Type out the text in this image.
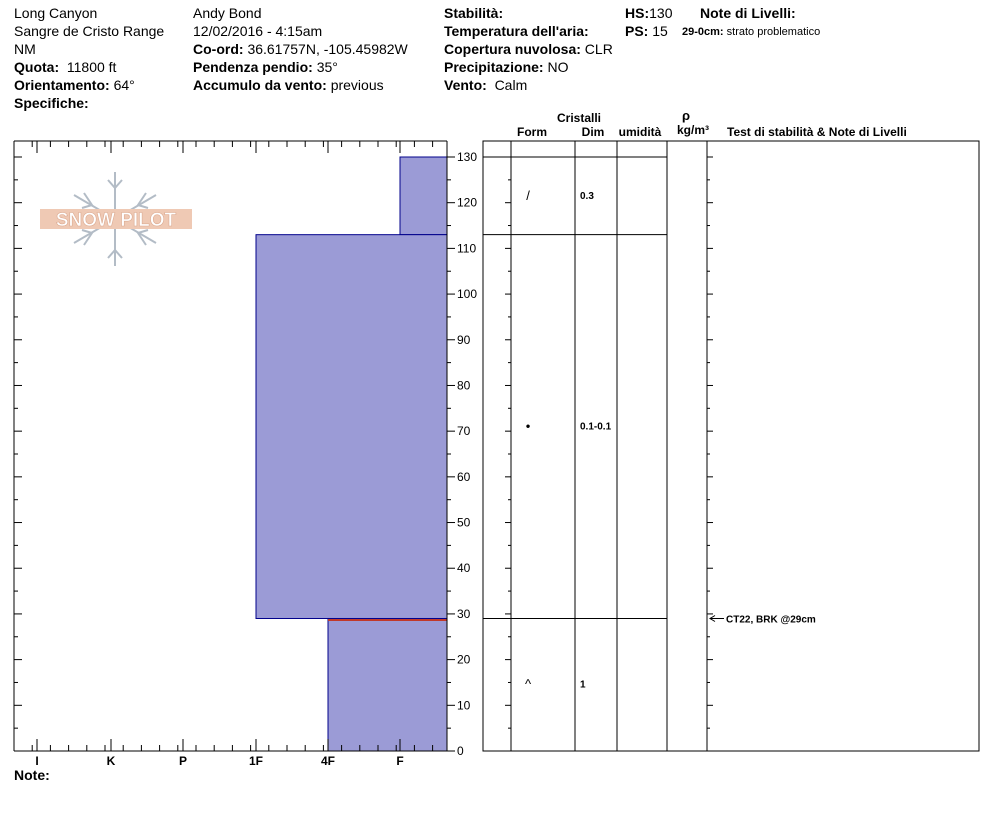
Long Canyon
Sangre de Cristo Range
NM
Quota: 11800 ft
Orientamento: 64°
Specifiche:
Andy Bond
12/02/2016 - 4:15am
Co-ord: 36.61757N, -105.45982W
Pendenza pendio: 35°
Accumulo da vento: previous
Stabilità:
Temperatura dell'aria:
Copertura nuvolosa: CLR
Precipitazione: NO
Vento: Calm
HS:130
PS: 15
Note di Livelli:
29-0cm: strato problematico
SNOW PILOT
I	K	P	1F	4F	F
0
10
20
30
40
50
60
70
80
90
100
110
120
130
Cristalli
Form	Dim umidità
ρ
kg/m³ Test di stabilità & Note di Livelli
/	0.3
•	0.1-0.1
^	1
CT22, BRK @29cm
Note:
